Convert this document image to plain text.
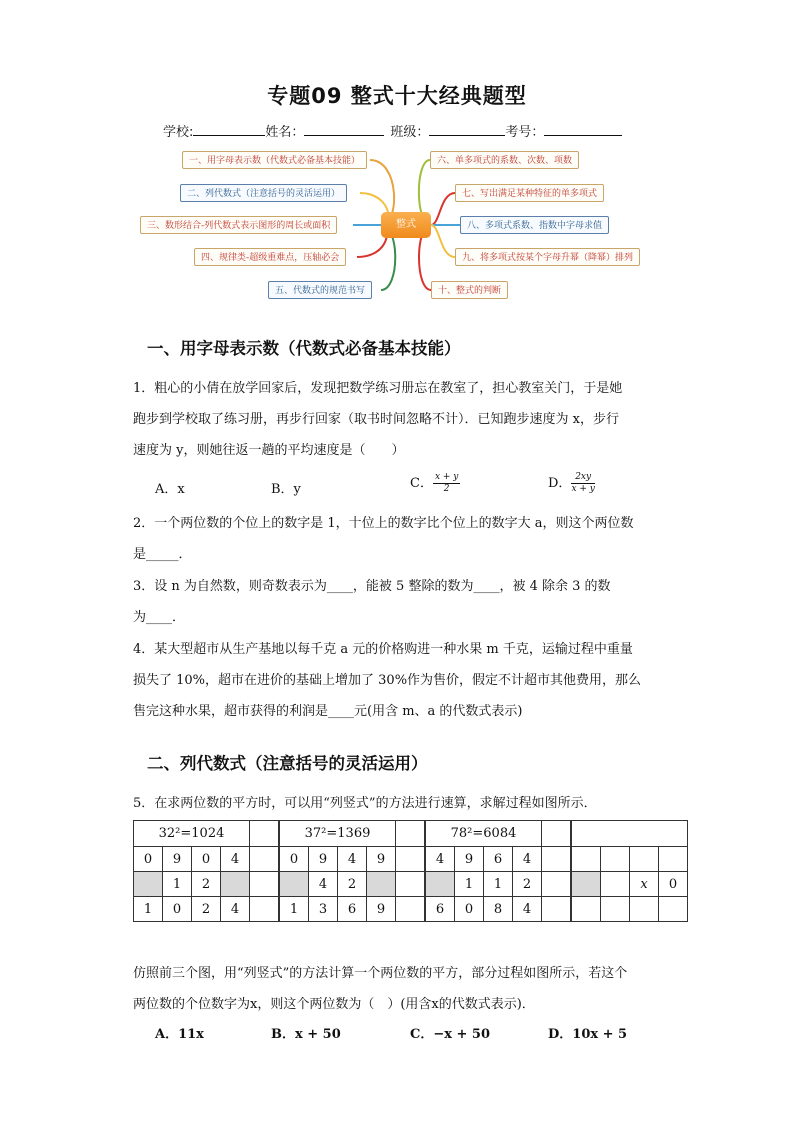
专题09 整式十大经典题型
学校:	姓名：	班级：	考号：
整式
一、用字母表示数（代数式必备基本技能）
二、列代数式（注意括号的灵活运用）
三、数形结合-列代数式表示图形的周长或面积
四、规律类-超级重难点，压轴必会
五、代数式的规范书写
六、单多项式的系数、次数、项数
七、写出满足某种特征的单多项式
八、多项式系数、指数中字母求值
九、将多项式按某个字母升幂（降幂）排列
十、整式的判断
一、用字母表示数（代数式必备基本技能）
1．粗心的小倩在放学回家后，发现把数学练习册忘在教室了，担心教室关门，于是她
跑步到学校取了练习册，再步行回家（取书时间忽略不计）．已知跑步速度为 x，步行
速度为 y，则她往返一趟的平均速度是（　　）
A．x	B．y	C． $\frac{x + y}{2}$	D． $\frac{2xy}{x + y}$
2．一个两位数的个位上的数字是 1，十位上的数字比个位上的数字大 a，则这个两位数
是_____．
3．设 n 为自然数，则奇数表示为____，能被 5 整除的数为____，被 4 除余 3 的数
为____．
4．某大型超市从生产基地以每千克 a 元的价格购进一种水果 m 千克，运输过程中重量
损失了 10%，超市在进价的基础上增加了 30%作为售价，假定不计超市其他费用，那么
售完这种水果，超市获得的利润是____元(用含 m、a 的代数式表示)
二、列代数式（注意括号的灵活运用）
5．在求两位数的平方时，可以用“列竖式”的方法进行速算，求解过程如图所示．
32²=1024			
0	9	0	4
	1	2	
1	0	2	4

37²=1369			
0	9	4	9
	4	2	
1	3	6	9

78²=6084			
4	9	6	4
	1	1	2
6	0	8	4

		x	0

仿照前三个图，用“列竖式”的方法计算一个两位数的平方，部分过程如图所示，若这个
两位数的个位数字为x，则这个两位数为（　）(用含x的代数式表示)．
A．11x	B．x + 50	C．−x + 50	D．10x + 5
